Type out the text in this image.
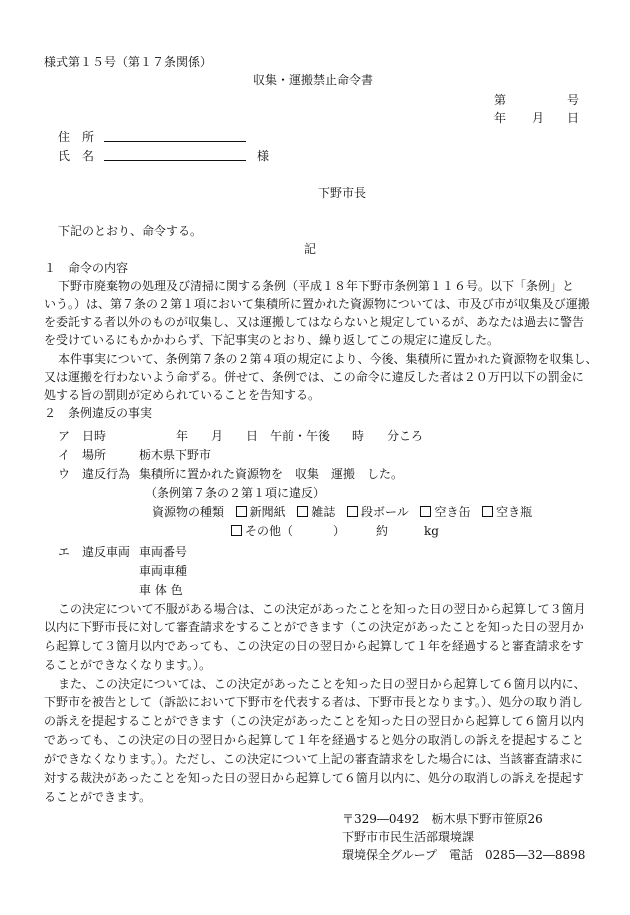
様式第１５号（第１７条関係）
収集・運搬禁止命令書
第	号
年 月 日
住　所
氏　名	様
下野市長
下記のとおり、命令する。
記
１　命令の内容
下野市廃棄物の処理及び清掃に関する条例（平成１８年下野市条例第１１６号。以下「条例」と
いう。）は、第７条の２第１項において集積所に置かれた資源物については、市及び市が収集及び運搬
を委託する者以外のものが収集し、又は運搬してはならないと規定しているが、あなたは過去に警告
を受けているにもかかわらず、下記事実のとおり、繰り返してこの規定に違反した。
本件事実について、条例第７条の２第４項の規定により、今後、集積所に置かれた資源物を収集し、
又は運搬を行わないよう命ずる。併せて、条例では、この命令に違反した者は２０万円以下の罰金に
処する旨の罰則が定められていることを告知する。
２　条例違反の事実
ア　日時	年 月 日 午前・午後 時 分ころ
イ　場所	栃木県下野市
ウ　違反行為 集積所に置かれた資源物を　収集　運搬　した。
（条例第７条の２第１項に違反）
資源物の種類 新聞紙 雑誌 段ボール 空き缶 空き瓶
その他（	）	約	kg
エ　違反車両 車両番号
車両車種
車 体 色
この決定について不服がある場合は、この決定があったことを知った日の翌日から起算して３箇月
以内に下野市長に対して審査請求をすることができます（この決定があったことを知った日の翌月か
ら起算して３箇月以内であっても、この決定の日の翌日から起算して１年を経過すると審査請求をす
ることができなくなります。）。
また、この決定については、この決定があったことを知った日の翌日から起算して６箇月以内に、
下野市を被告として（訴訟において下野市を代表する者は、下野市長となります。）、処分の取り消し
の訴えを提起することができます（この決定があったことを知った日の翌日から起算して６箇月以内
であっても、この決定の日の翌日から起算して１年を経過すると処分の取消しの訴えを提起すること
ができなくなります。）。ただし、この決定について上記の審査請求をした場合には、当該審査請求に
対する裁決があったことを知った日の翌日から起算して６箇月以内に、処分の取消しの訴えを提起す
ることができます。
〒329―0492　栃木県下野市笹原26
下野市市民生活部環境課
環境保全グループ　電話　0285―32―8898
